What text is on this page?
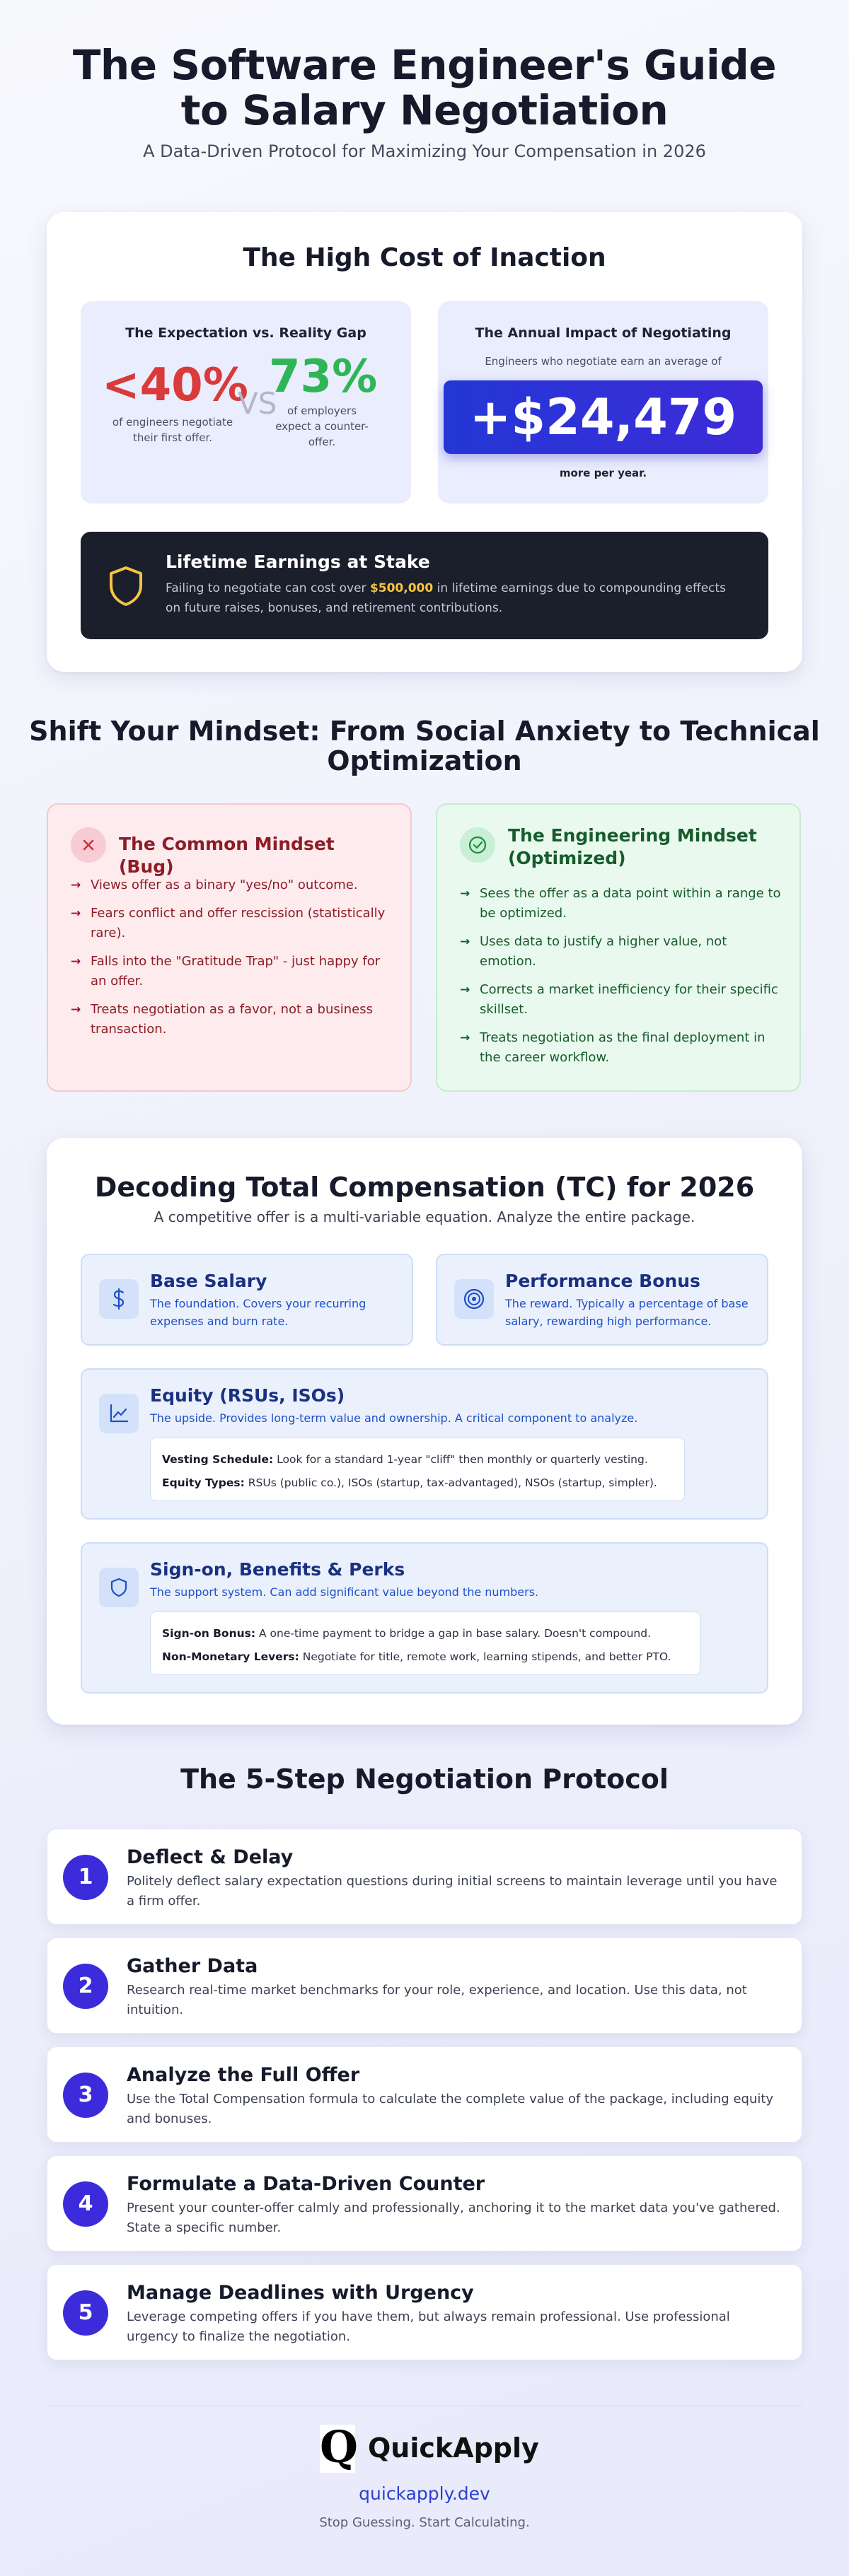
The Software Engineer's Guide
to Salary Negotiation
A Data-Driven Protocol for Maximizing Your Compensation in 2026
The High Cost of Inaction
The Expectation vs. Reality Gap
<40%
VS
73%
of engineers negotiate their first offer.
of employers expect a counter-offer.
The Annual Impact of Negotiating
Engineers who negotiate earn an average of
+$24,479
more per year.
Lifetime Earnings at Stake
Failing to negotiate can cost over $500,000 in lifetime earnings due to compounding effects on future raises, bonuses, and retirement contributions.
Shift Your Mindset: From Social Anxiety to Technical Optimization
The Common Mindset (Bug)
→ Views offer as a binary "yes/no" outcome.
→ Fears conflict and offer rescission (statistically rare).
→ Falls into the "Gratitude Trap" - just happy for an offer.
→ Treats negotiation as a favor, not a business transaction.
The Engineering Mindset (Optimized)
→ Sees the offer as a data point within a range to be optimized.
→ Uses data to justify a higher value, not emotion.
→ Corrects a market inefficiency for their specific skillset.
→ Treats negotiation as the final deployment in the career workflow.
Decoding Total Compensation (TC) for 2026
A competitive offer is a multi-variable equation. Analyze the entire package.
Base Salary
The foundation. Covers your recurring expenses and burn rate.
Performance Bonus
The reward. Typically a percentage of base salary, rewarding high performance.
Equity (RSUs, ISOs)
The upside. Provides long-term value and ownership. A critical component to analyze.
Vesting Schedule: Look for a standard 1-year "cliff" then monthly or quarterly vesting.
Equity Types: RSUs (public co.), ISOs (startup, tax-advantaged), NSOs (startup, simpler).
Sign-on, Benefits & Perks
The support system. Can add significant value beyond the numbers.
Sign-on Bonus: A one-time payment to bridge a gap in base salary. Doesn't compound.
Non-Monetary Levers: Negotiate for title, remote work, learning stipends, and better PTO.
The 5-Step Negotiation Protocol
1
Deflect & Delay
Politely deflect salary expectation questions during initial screens to maintain leverage until you have a firm offer.
2
Gather Data
Research real-time market benchmarks for your role, experience, and location. Use this data, not intuition.
3
Analyze the Full Offer
Use the Total Compensation formula to calculate the complete value of the package, including equity and bonuses.
4
Formulate a Data-Driven Counter
Present your counter-offer calmly and professionally, anchoring it to the market data you've gathered. State a specific number.
5
Manage Deadlines with Urgency
Leverage competing offers if you have them, but always remain professional. Use professional urgency to finalize the negotiation.
Q QuickApply
quickapply.dev
Stop Guessing. Start Calculating.
